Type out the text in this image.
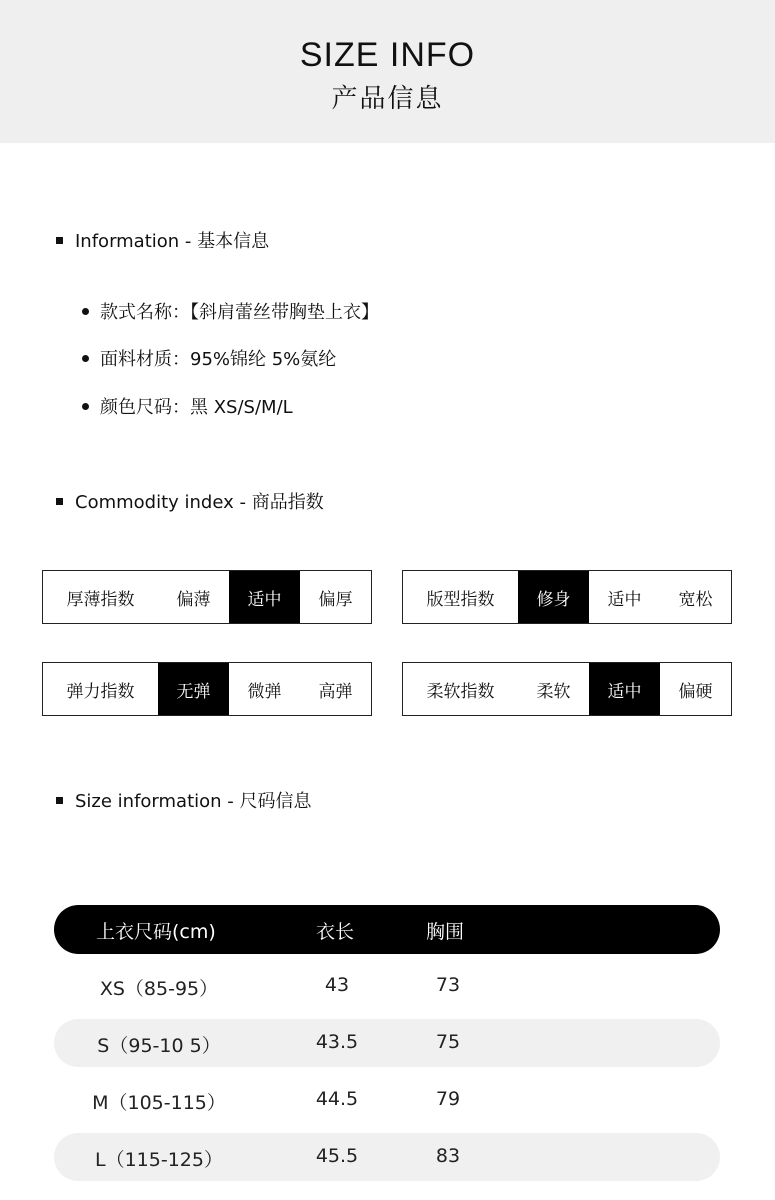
SIZE INFO
产品信息
Information - 基本信息
款式名称：【斜肩蕾丝带胸垫上衣】
面料材质：95%锦纶 5%氨纶
颜色尺码：黑 XS/S/M/L
Commodity index - 商品指数
厚薄指数	偏薄	适中	偏厚	版型指数	修身	适中	宽松
弹力指数	无弹	微弹	高弹	柔软指数	柔软	适中	偏硬
Size information - 尺码信息
上衣尺码(cm)	衣长	胸围
XS（85-95）	43	73
S（95-10 5）	43.5	75
M（105-115）	44.5	79
L（115-125）	45.5	83
